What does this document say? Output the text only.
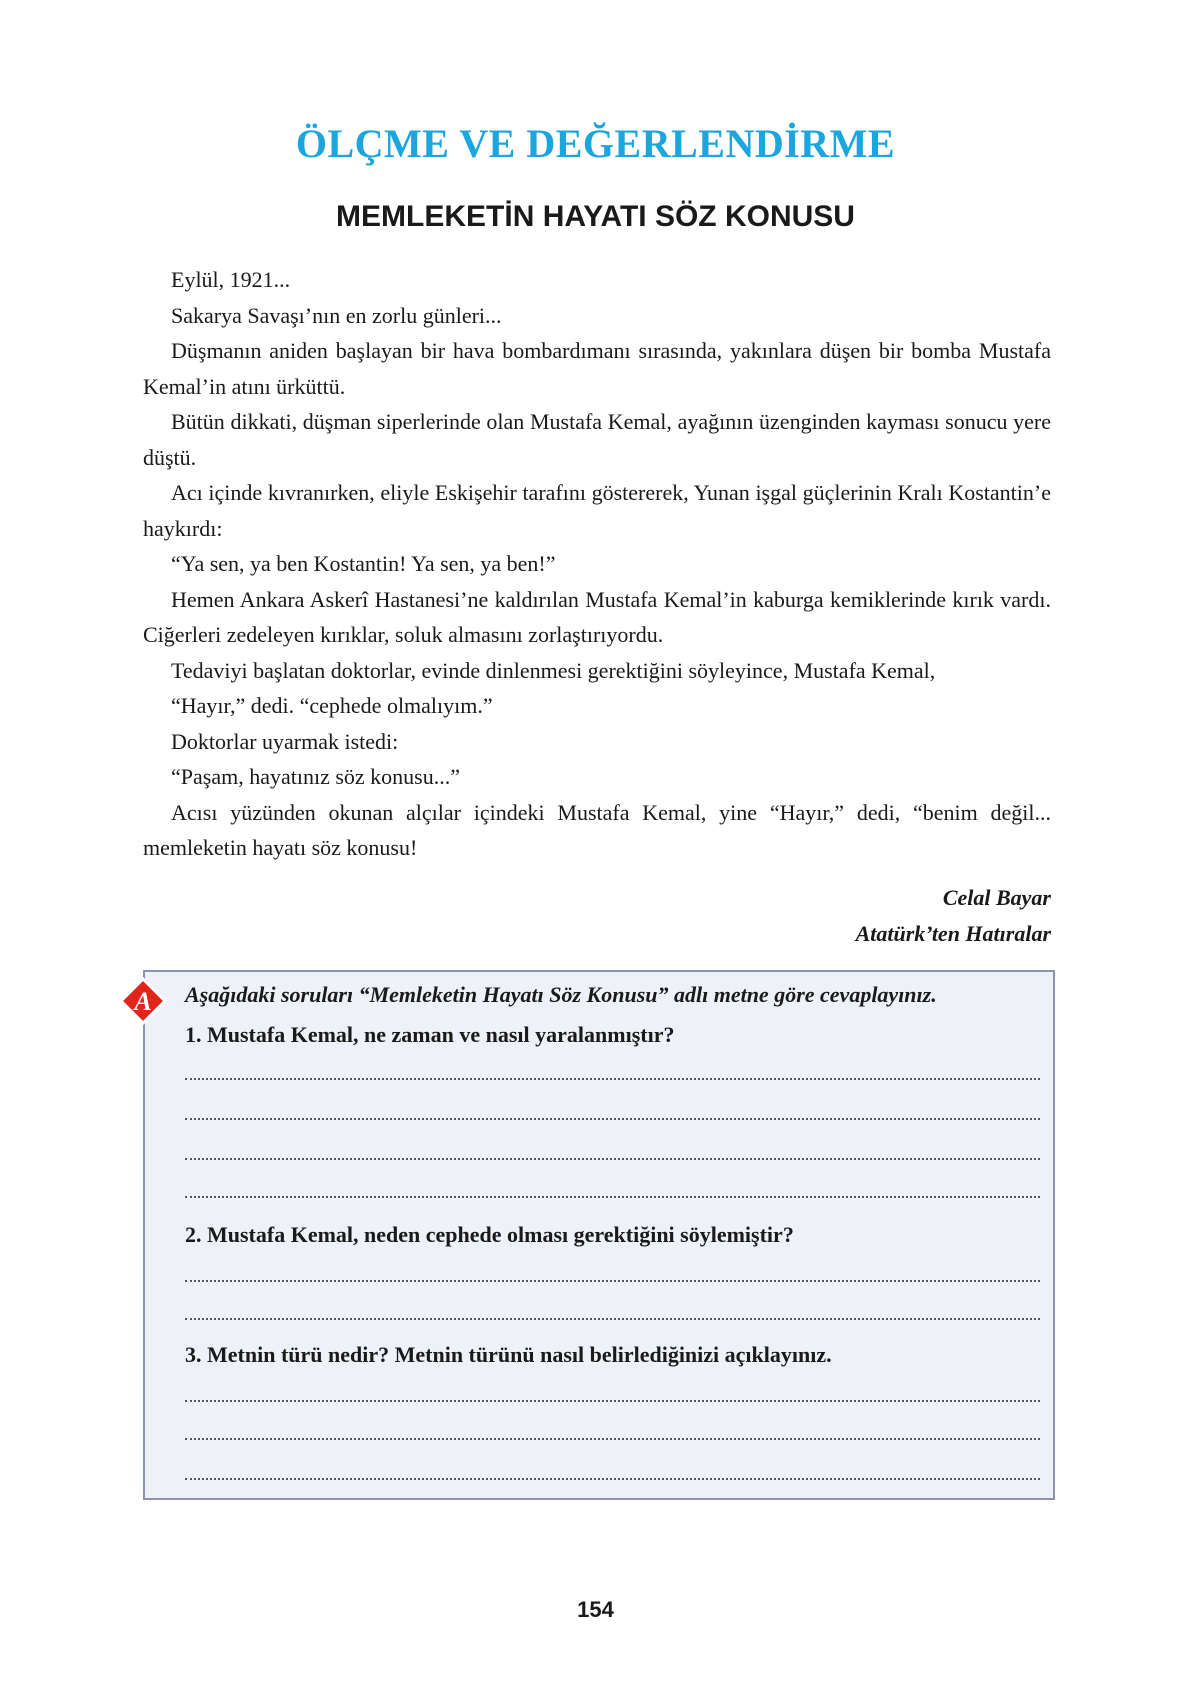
ÖLÇME VE DEĞERLENDİRME
MEMLEKETİN HAYATI SÖZ KONUSU

Eylül, 1921...

Sakarya Savaşı’nın en zorlu günleri...

Düşmanın aniden başlayan bir hava bombardımanı sırasında, yakınlara düşen bir bomba Mustafa Kemal’in atını ürküttü.

Bütün dikkati, düşman siperlerinde olan Mustafa Kemal, ayağının üzenginden kayması sonucu yere düştü.

Acı içinde kıvranırken, eliyle Eskişehir tarafını göstererek, Yunan işgal güçlerinin Kralı Kostantin’e haykırdı:

“Ya sen, ya ben Kostantin! Ya sen, ya ben!”

Hemen Ankara Askerî Hastanesi’ne kaldırılan Mustafa Kemal’in kaburga kemiklerinde kırık vardı. Ciğerleri zedeleyen kırıklar, soluk almasını zorlaştırıyordu.

Tedaviyi başlatan doktorlar, evinde dinlenmesi gerektiğini söyleyince, Mustafa Kemal,

“Hayır,” dedi. “cephede olmalıyım.”

Doktorlar uyarmak istedi:

“Paşam, hayatınız söz konusu...”

Acısı yüzünden okunan alçılar içindeki Mustafa Kemal, yine “Hayır,” dedi, “benim değil... memleketin hayatı söz konusu!

Celal Bayar
Atatürk’ten Hatıralar
A Aşağıdaki soruları “Memleketin Hayatı Söz Konusu” adlı metne göre cevaplayınız.

1. Mustafa Kemal, ne zaman ve nasıl yaralanmıştır?

2. Mustafa Kemal, neden cephede olması gerektiğini söylemiştir?

3. Metnin türü nedir? Metnin türünü nasıl belirlediğinizi açıklayınız.

154
